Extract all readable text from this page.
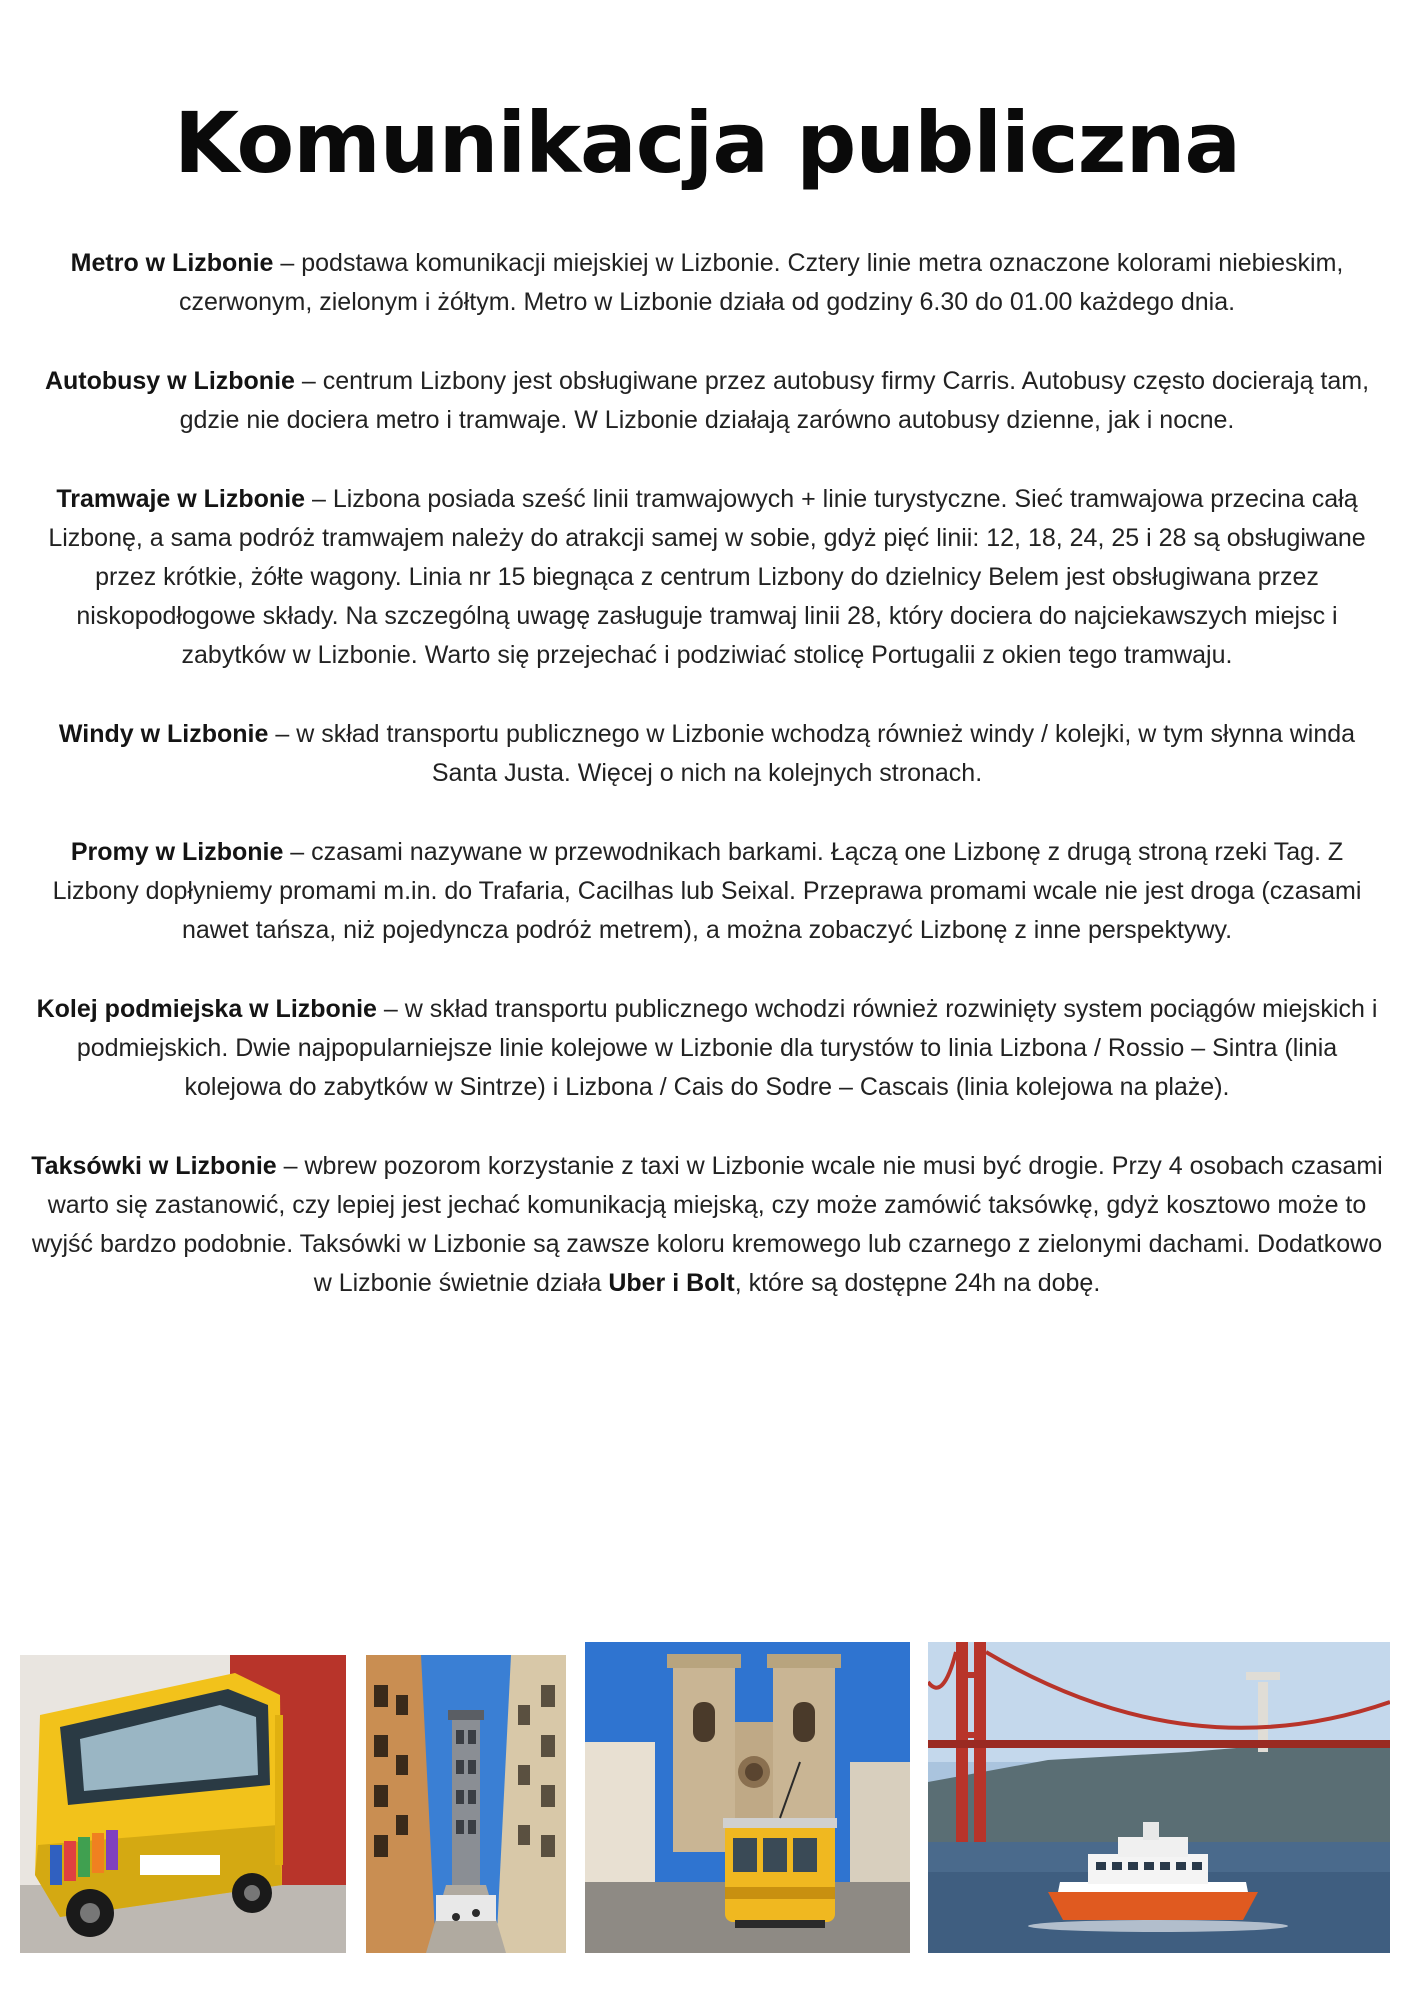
Komunikacja publiczna

Metro w Lizbonie – podstawa komunikacji miejskiej w Lizbonie. Cztery linie metra oznaczone kolorami niebieskim, czerwonym, zielonym i żółtym. Metro w Lizbonie działa od godziny 6.30 do 01.00 każdego dnia.

Autobusy w Lizbonie – centrum Lizbony jest obsługiwane przez autobusy firmy Carris. Autobusy często docierają tam, gdzie nie dociera metro i tramwaje. W Lizbonie działają zarówno autobusy dzienne, jak i nocne.

Tramwaje w Lizbonie – Lizbona posiada sześć linii tramwajowych + linie turystyczne. Sieć tramwajowa przecina całą Lizbonę, a sama podróż tramwajem należy do atrakcji samej w sobie, gdyż pięć linii: 12, 18, 24, 25 i 28 są obsługiwane przez krótkie, żółte wagony. Linia nr 15 biegnąca z centrum Lizbony do dzielnicy Belem jest obsługiwana przez niskopodłogowe składy. Na szczególną uwagę zasługuje tramwaj linii 28, który dociera do najciekawszych miejsc i zabytków w Lizbonie. Warto się przejechać i podziwiać stolicę Portugalii z okien tego tramwaju.

Windy w Lizbonie – w skład transportu publicznego w Lizbonie wchodzą również windy / kolejki, w tym słynna winda Santa Justa. Więcej o nich na kolejnych stronach.

Promy w Lizbonie – czasami nazywane w przewodnikach barkami. Łączą one Lizbonę z drugą stroną rzeki Tag. Z Lizbony dopłyniemy promami m.in. do Trafaria, Cacilhas lub Seixal. Przeprawa promami wcale nie jest droga (czasami nawet tańsza, niż pojedyncza podróż metrem), a można zobaczyć Lizbonę z inne perspektywy.

Kolej podmiejska w Lizbonie – w skład transportu publicznego wchodzi również rozwinięty system pociągów miejskich i podmiejskich. Dwie najpopularniejsze linie kolejowe w Lizbonie dla turystów to linia Lizbona / Rossio – Sintra (linia kolejowa do zabytków w Sintrze) i Lizbona / Cais do Sodre – Cascais (linia kolejowa na plaże).

Taksówki w Lizbonie – wbrew pozorom korzystanie z taxi w Lizbonie wcale nie musi być drogie. Przy 4 osobach czasami warto się zastanowić, czy lepiej jest jechać komunikacją miejską, czy może zamówić taksówkę, gdyż kosztowo może to wyjść bardzo podobnie. Taksówki w Lizbonie są zawsze koloru kremowego lub czarnego z zielonymi dachami. Dodatkowo w Lizbonie świetnie działa Uber i Bolt, które są dostępne 24h na dobę.
